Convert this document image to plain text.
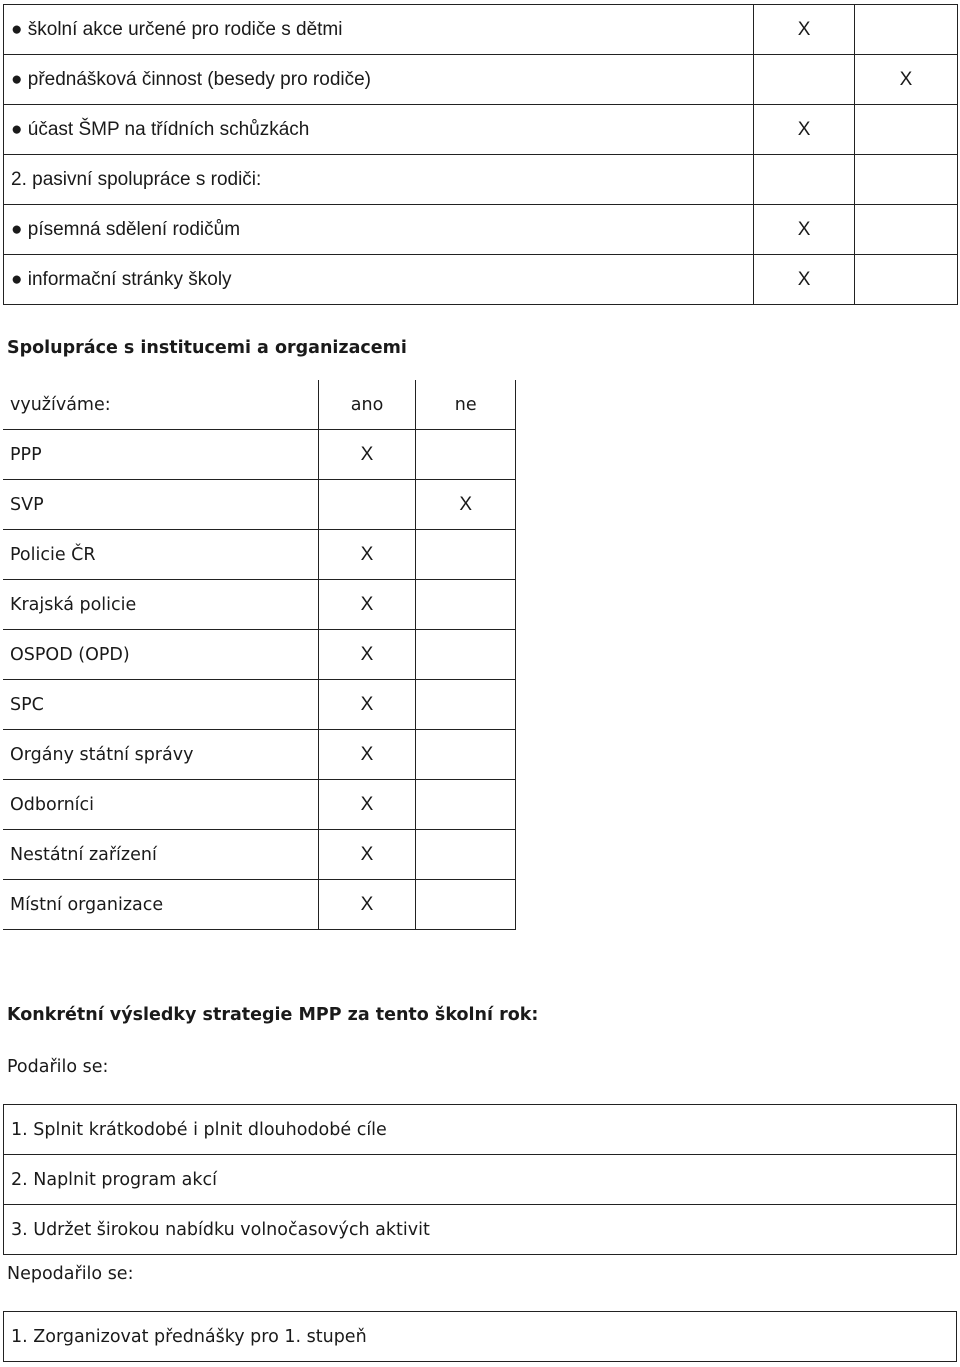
● školní akce určené pro rodiče s dětmi	X	
● přednášková činnost (besedy pro rodiče)		X
● účast ŠMP na třídních schůzkách	X	
2. pasivní spolupráce s rodiči:		
● písemná sdělení rodičům	X	
● informační stránky školy	X	
Spolupráce s institucemi a organizacemi
využíváme:	ano	ne
PPP	X	
SVP		X
Policie ČR	X	
Krajská policie	X	
OSPOD (OPD)	X	
SPC	X	
Orgány státní správy	X	
Odborníci	X	
Nestátní zařízení	X	
Místní organizace	X	
Konkrétní výsledky strategie MPP za tento školní rok:
Podařilo se:
1. Splnit krátkodobé i plnit dlouhodobé cíle
2. Naplnit program akcí
3. Udržet širokou nabídku volnočasových aktivit
Nepodařilo se:
1. Zorganizovat přednášky pro 1. stupeň
